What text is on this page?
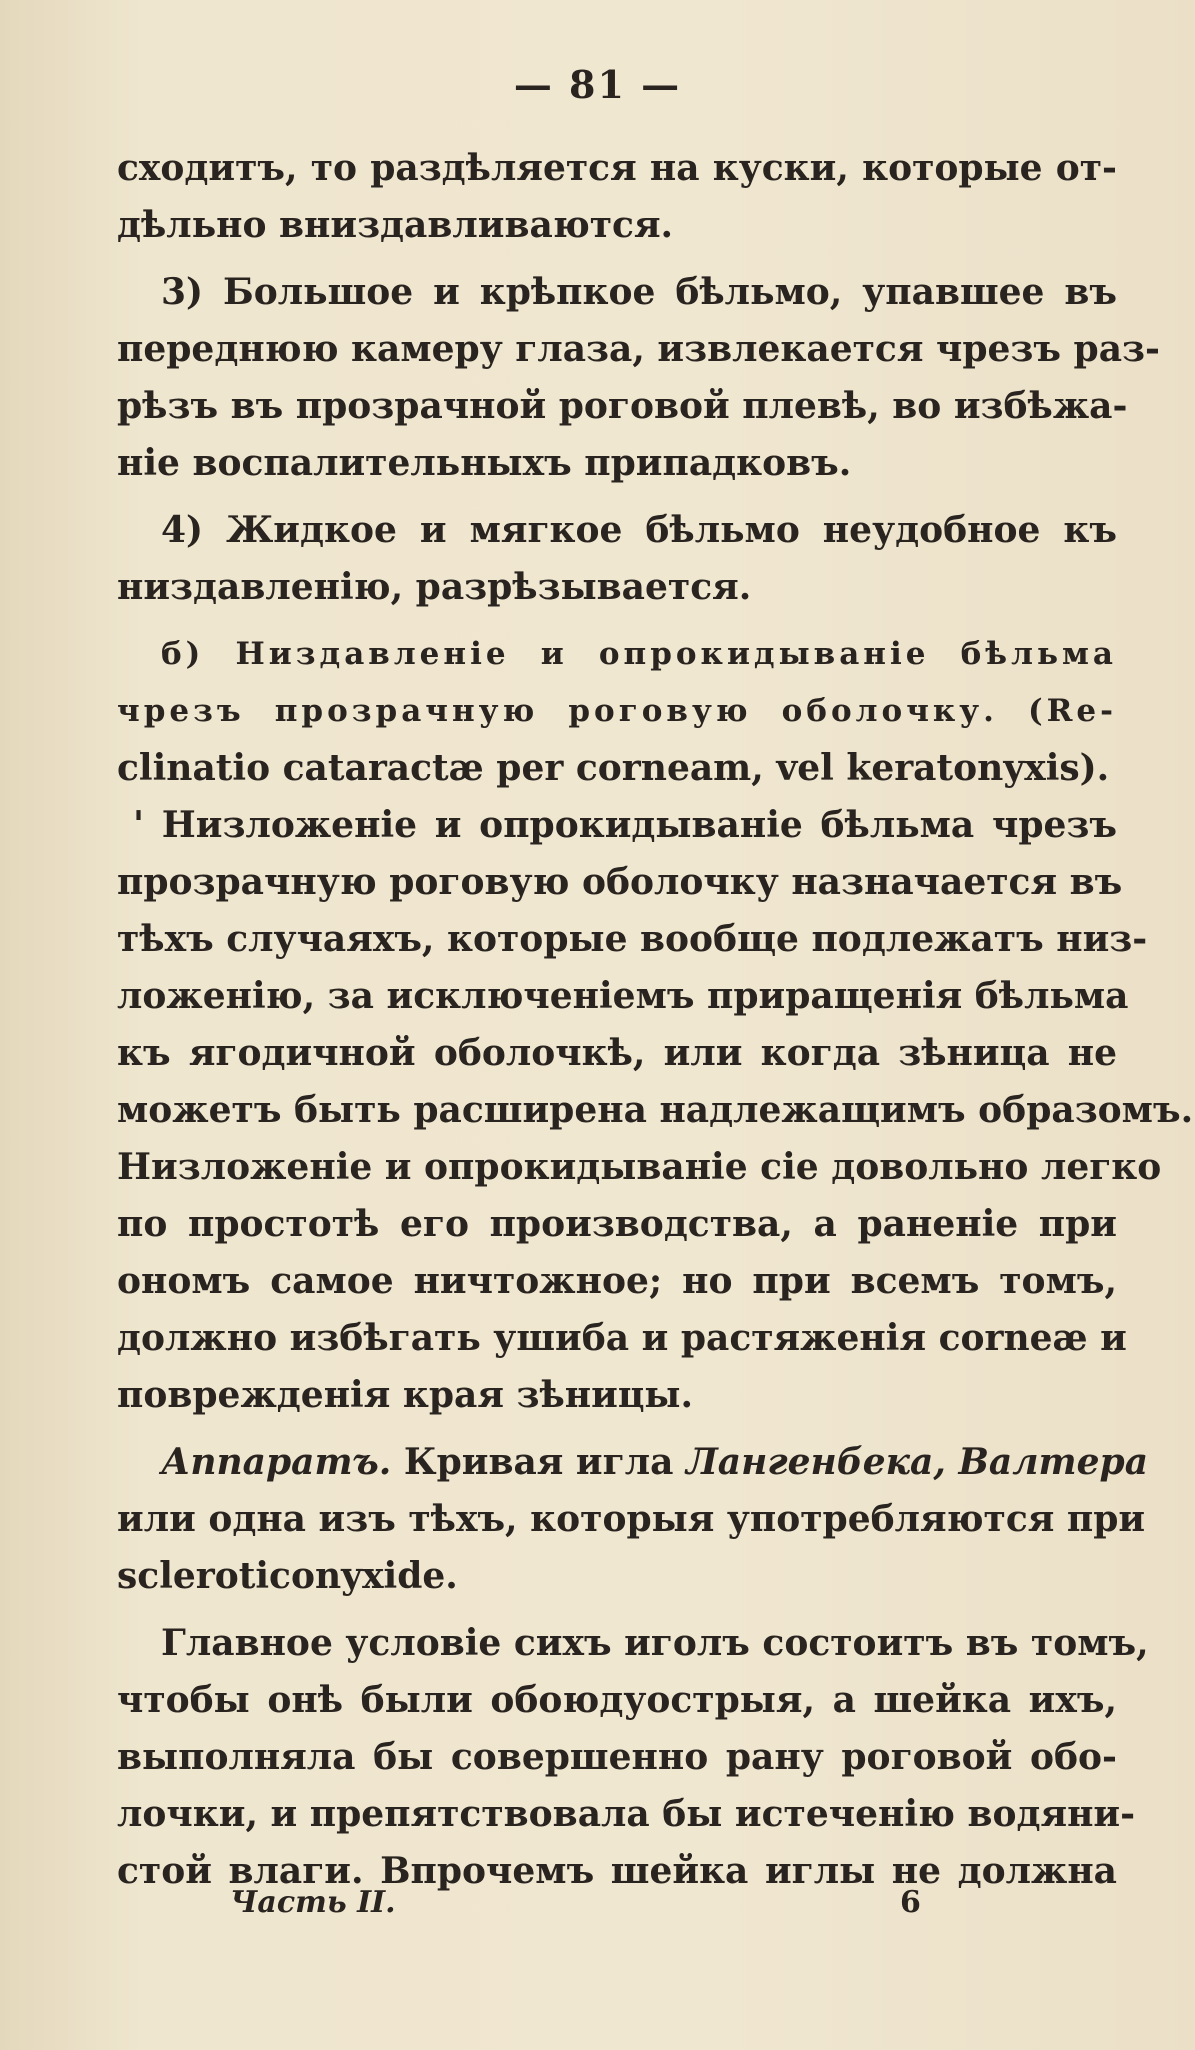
— 81 —
сходитъ, то раздѣляется на куски, которые от-
дѣльно вниздавливаются.
3) Большое и крѣпкое бѣльмо, упавшее въ
переднюю камеру глаза, извлекается чрезъ раз-
рѣзъ въ прозрачной роговой плевѣ, во избѣжа-
нiе воспалительныхъ припадковъ.
4) Жидкое и мягкое бѣльмо неудобное къ
низдавленiю, разрѣзывается.
б) Низдавленiе и опрокидыванiе бѣльма
чрезъ прозрачную роговую оболочку. (Re-
clinatio cataractæ per corneam, vel keratonyxis).
' Низложенiе и опрокидыванiе бѣльма чрезъ
прозрачную роговую оболочку назначается въ
тѣхъ случаяхъ, которые вообще подлежатъ низ-
ложенiю, за исключенiемъ приращенiя бѣльма
къ ягодичной оболочкѣ, или когда зѣница не
можетъ быть расширена надлежащимъ образомъ.
Низложенiе и опрокидыванiе сiе довольно легко
по простотѣ его производства, а раненiе при
ономъ самое ничтожное; но при всемъ томъ,
должно избѣгать ушиба и растяженiя corneæ и
поврежденiя края зѣницы.
Аппаратъ. Кривая игла Лангенбека, Валтера
или одна изъ тѣхъ, которыя употребляются при
scleroticonyxide.
Главное условiе сихъ иголъ состоитъ въ томъ,
чтобы онѣ были обоюдуострыя, а шейка ихъ,
выполняла бы совершенно рану роговой обо-
лочки, и препятствовала бы истеченiю водяни-
стой влаги. Впрочемъ шейка иглы не должна
Часть II.	6
